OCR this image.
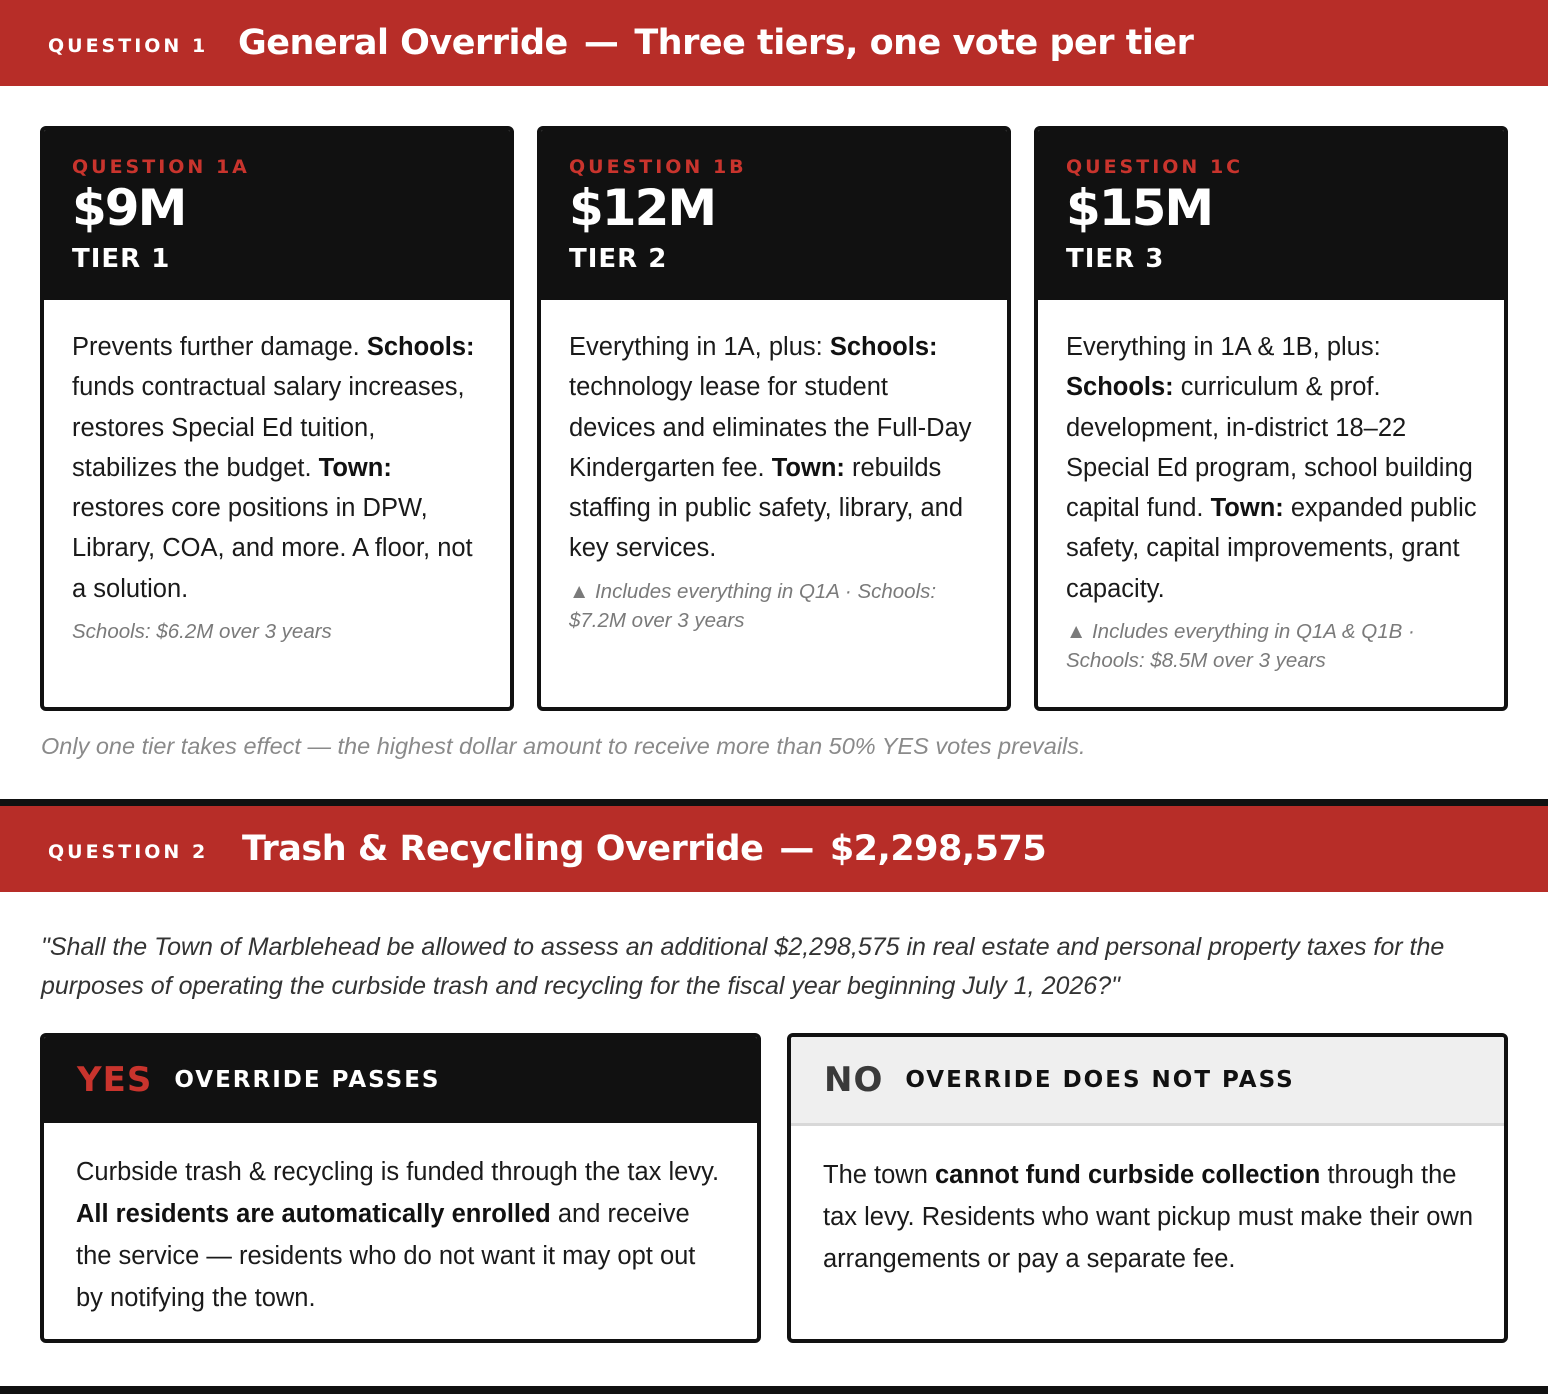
QUESTION 1 General Override — Three tiers, one vote per tier
QUESTION 1A
$9M
TIER 1
Prevents further damage. Schools: funds contractual salary increases, restores Special Ed tuition, stabilizes the budget. Town: restores core positions in DPW, Library, COA, and more. A floor, not a solution.
Schools: $6.2M over 3 years
QUESTION 1B
$12M
TIER 2
Everything in 1A, plus: Schools: technology lease for student devices and eliminates the Full-Day Kindergarten fee. Town: rebuilds staffing in public safety, library, and key services.
▲ Includes everything in Q1A · Schools: $7.2M over 3 years
QUESTION 1C
$15M
TIER 3
Everything in 1A & 1B, plus: Schools: curriculum & prof. development, in-district 18–22 Special Ed program, school building capital fund. Town: expanded public safety, capital improvements, grant capacity.
▲ Includes everything in Q1A & Q1B · Schools: $8.5M over 3 years
Only one tier takes effect — the highest dollar amount to receive more than 50% YES votes prevails.
QUESTION 2 Trash & Recycling Override — $2,298,575
"Shall the Town of Marblehead be allowed to assess an additional $2,298,575 in real estate and personal property taxes for the purposes of operating the curbside trash and recycling for the fiscal year beginning July 1, 2026?"
YES OVERRIDE PASSES
Curbside trash & recycling is funded through the tax levy. All residents are automatically enrolled and receive the service — residents who do not want it may opt out by notifying the town.
NO OVERRIDE DOES NOT PASS
The town cannot fund curbside collection through the tax levy. Residents who want pickup must make their own arrangements or pay a separate fee.
